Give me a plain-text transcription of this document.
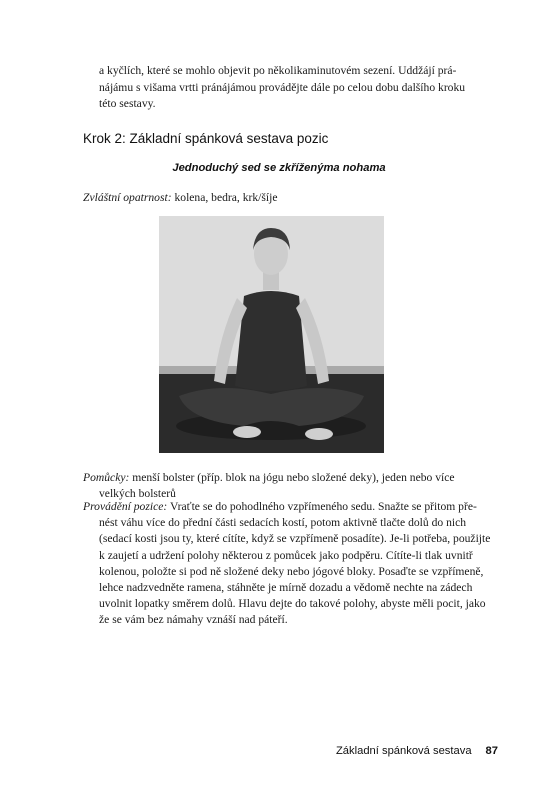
a kyčlích, které se mohlo objevit po několikaminutovém sezení. Uddžájí pránájámu s višama vrtti pránájámou provádějte dále po celou dobu dalšího kroku této sestavy.

Krok 2: Základní spánková sestava pozic
Jednoduchý sed se zkříženýma nohama

Zvláštní opatrnost: kolena, bedra, krk/šíje

Pomůcky: menší bolster (příp. blok na jógu nebo složené deky), jeden nebo více velkých bolsterů

Provádění pozice: Vraťte se do pohodlného vzpřímeného sedu. Snažte se přitom přenést váhu více do přední části sedacích kostí, potom aktivně tlačte dolů do nich (sedací kosti jsou ty, které cítíte, když se vzpřímeně posadíte). Je-li potřeba, použijte k zaujetí a udržení polohy některou z pomůcek jako podpěru. Cítíte-li tlak uvnitř kolenou, položte si pod ně složené deky nebo jógové bloky. Posaďte se vzpřímeně, lehce nadzvedněte ramena, stáhněte je mírně dozadu a vědomě nechte na zádech uvolnit lopatky směrem dolů. Hlavu dejte do takové polohy, abyste měli pocit, jako že se vám bez námahy vznáší nad páteří.

Základní spánková sestava 87
